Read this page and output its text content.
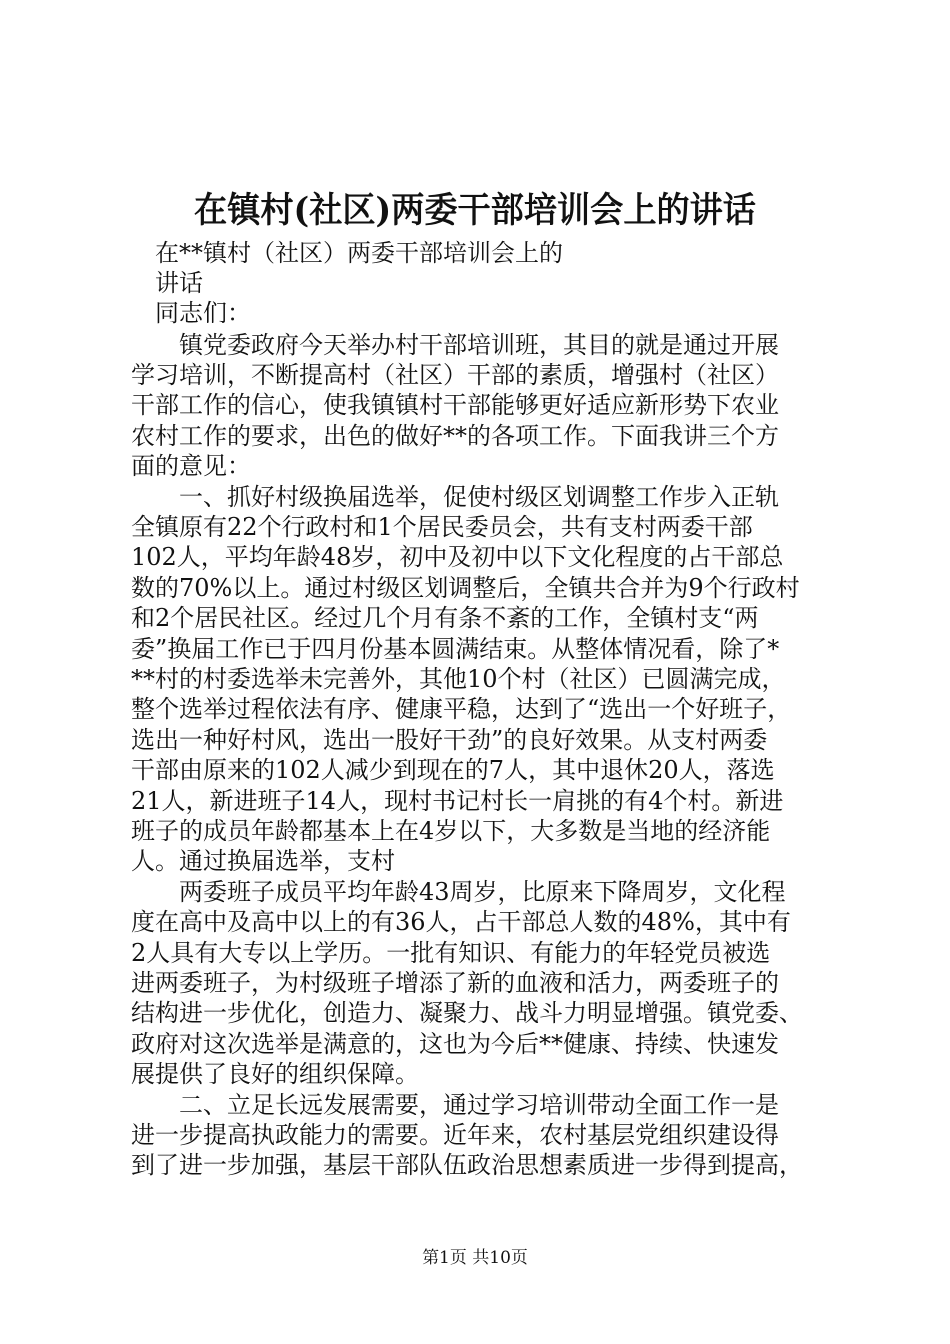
在镇村(社区)两委干部培训会上的讲话
　在**镇村（社区）两委干部培训会上的
　讲话
　同志们：
　　镇党委政府今天举办村干部培训班，其目的就是通过开展
学习培训，不断提高村（社区）干部的素质，增强村（社区）
干部工作的信心，使我镇镇村干部能够更好适应新形势下农业
农村工作的要求，出色的做好**的各项工作。下面我讲三个方
面的意见：
　　一、抓好村级换届选举，促使村级区划调整工作步入正轨
全镇原有22个行政村和1个居民委员会，共有支村两委干部
102人，平均年龄48岁，初中及初中以下文化程度的占干部总
数的70%以上。通过村级区划调整后，全镇共合并为9个行政村
和2个居民社区。经过几个月有条不紊的工作，全镇村支“两
委”换届工作已于四月份基本圆满结束。从整体情况看，除了*
**村的村委选举未完善外，其他10个村（社区）已圆满完成，
整个选举过程依法有序、健康平稳，达到了“选出一个好班子，
选出一种好村风，选出一股好干劲”的良好效果。从支村两委
干部由原来的102人减少到现在的7人，其中退休20人，落选
21人，新进班子14人，现村书记村长一肩挑的有4个村。新进
班子的成员年龄都基本上在4岁以下，大多数是当地的经济能
人。通过换届选举，支村
　　两委班子成员平均年龄43周岁，比原来下降周岁，文化程
度在高中及高中以上的有36人，占干部总人数的48%，其中有
2人具有大专以上学历。一批有知识、有能力的年轻党员被选
进两委班子，为村级班子增添了新的血液和活力，两委班子的
结构进一步优化，创造力、凝聚力、战斗力明显增强。镇党委、
政府对这次选举是满意的，这也为今后**健康、持续、快速发
展提供了良好的组织保障。
　　二、立足长远发展需要，通过学习培训带动全面工作一是
进一步提高执政能力的需要。近年来，农村基层党组织建设得
到了进一步加强，基层干部队伍政治思想素质进一步得到提高，
第1页 共10页
